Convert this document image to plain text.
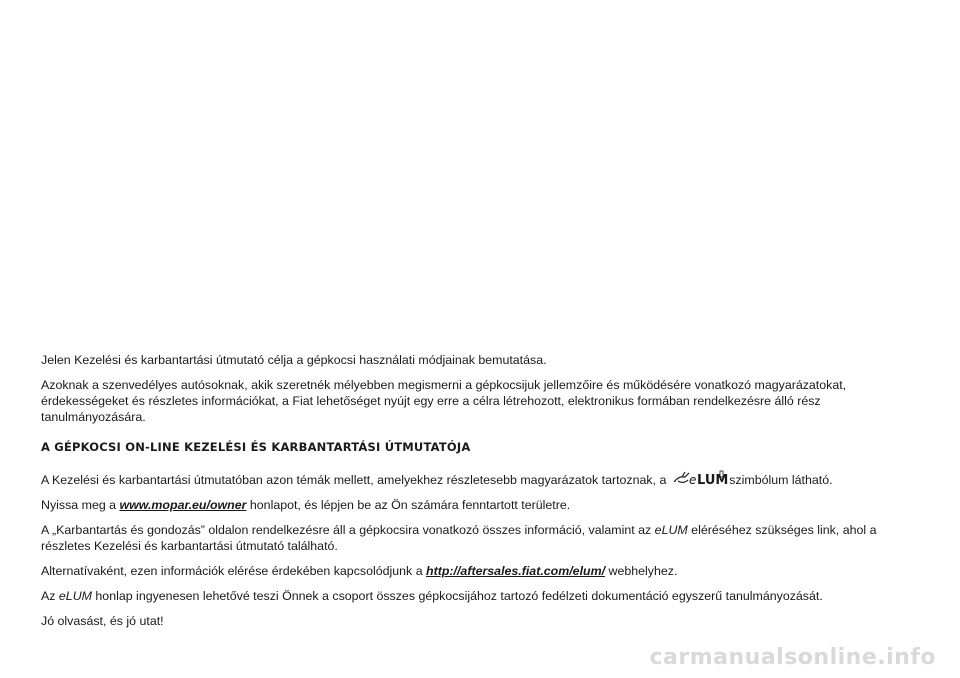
Jelen Kezelési és karbantartási útmutató célja a gépkocsi használati módjainak bemutatása.

Azoknak a szenvedélyes autósoknak, akik szeretnék mélyebben megismerni a gépkocsijuk jellemzőire és működésére vonatkozó magyarázatokat, érdekességeket és részletes információkat, a Fiat lehetőséget nyújt egy erre a célra létrehozott, elektronikus formában rendelkezésre álló rész tanulmányozására.

A GÉPKOCSI ON-LINE KEZELÉSI ÉS KARBANTARTÁSI ÚTMUTATÓJA

A Kezelési és karbantartási útmutatóban azon témák mellett, amelyekhez részletesebb magyarázatok tartoznak, a e LUM
szimbólum látható.

Nyissa meg a www.mopar.eu/owner honlapot, és lépjen be az Ön számára fenntartott területre.

A „Karbantartás és gondozás” oldalon rendelkezésre áll a gépkocsira vonatkozó összes információ, valamint az eLUM eléréséhez szükséges link, ahol a részletes Kezelési és karbantartási útmutató található.

Alternatívaként, ezen információk elérése érdekében kapcsolódjunk a http://aftersales.fiat.com/elum/ webhelyhez.

Az eLUM honlap ingyenesen lehetővé teszi Önnek a csoport összes gépkocsijához tartozó fedélzeti dokumentáció egyszerű tanulmányozását.

Jó olvasást, és jó utat!

carmanualsonline.info
